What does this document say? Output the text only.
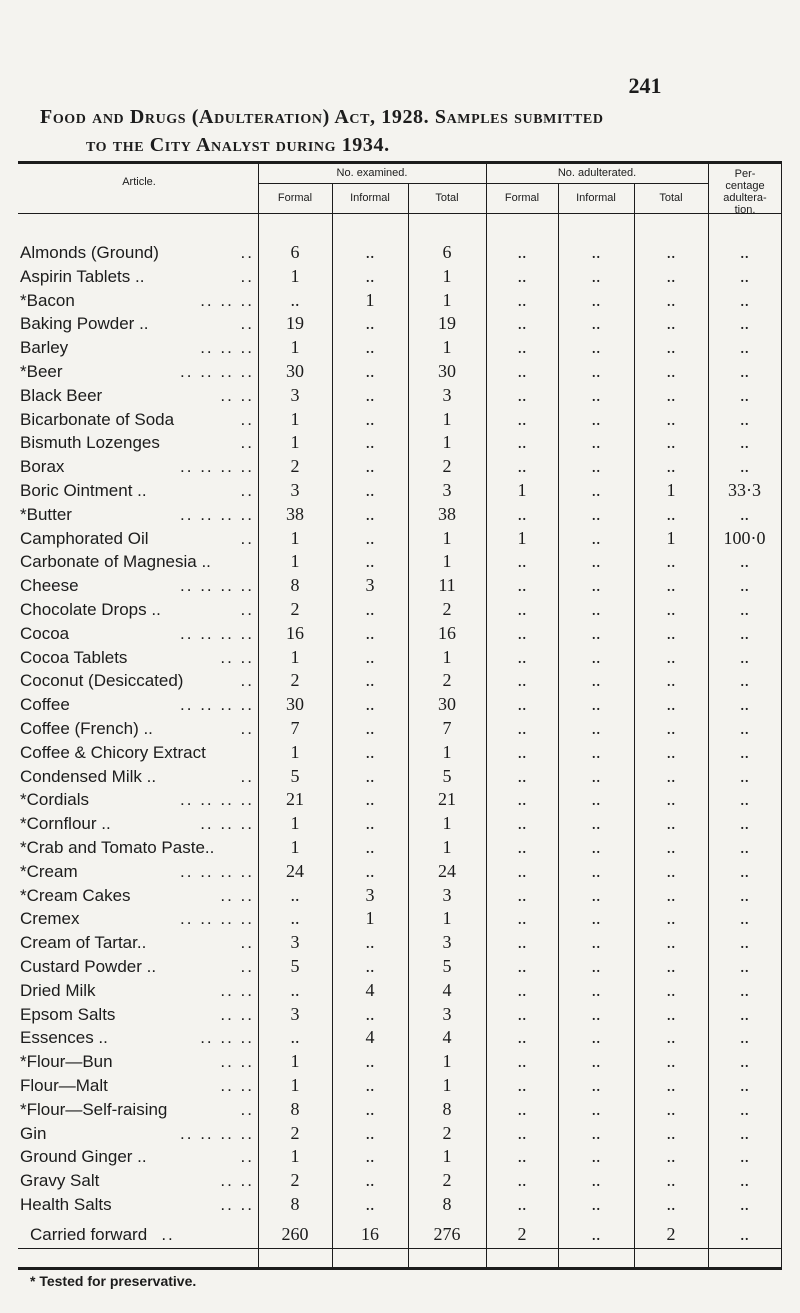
241
Food and Drugs (Adulteration) Act, 1928. Samples submitted
to the City Analyst during 1934.
Article.
No. examined.	No. adulterated.
Formal	Informal	Total	Formal	Informal	Total
Per-centage adultera-tion.
Almonds (Ground)	..	6	..	6	..	..	..	..
Aspirin Tablets ..	..	1	..	1	..	..	..	..
*Bacon	.. .. ..	..	1	1	..	..	..	..
Baking Powder ..	..	19	..	19	..	..	..	..
Barley	.. .. ..	1	..	1	..	..	..	..
*Beer	.. .. .. ..	30	..	30	..	..	..	..
Black Beer	.. ..	3	..	3	..	..	..	..
Bicarbonate of Soda	..	1	..	1	..	..	..	..
Bismuth Lozenges	..	1	..	1	..	..	..	..
Borax	.. .. .. ..	2	..	2	..	..	..	..
Boric Ointment ..	..	3	..	3	1	..	1	33·3
*Butter	.. .. .. ..	38	..	38	..	..	..	..
Camphorated Oil	..	1	..	1	1	..	1	100·0
Carbonate of Magnesia ..	1	..	1	..	..	..	..
Cheese	.. .. .. ..	8	3	11	..	..	..	..
Chocolate Drops ..	..	2	..	2	..	..	..	..
Cocoa	.. .. .. ..	16	..	16	..	..	..	..
Cocoa Tablets	.. ..	1	..	1	..	..	..	..
Coconut (Desiccated)	..	2	..	2	..	..	..	..
Coffee	.. .. .. ..	30	..	30	..	..	..	..
Coffee (French) ..	..	7	..	7	..	..	..	..
Coffee & Chicory Extract	1	..	1	..	..	..	..
Condensed Milk ..	..	5	..	5	..	..	..	..
*Cordials	.. .. .. ..	21	..	21	..	..	..	..
*Cornflour ..	.. .. ..	1	..	1	..	..	..	..
*Crab and Tomato Paste..	1	..	1	..	..	..	..
*Cream	.. .. .. ..	24	..	24	..	..	..	..
*Cream Cakes	.. ..	..	3	3	..	..	..	..
Cremex	.. .. .. ..	..	1	1	..	..	..	..
Cream of Tartar..	..	3	..	3	..	..	..	..
Custard Powder ..	..	5	..	5	..	..	..	..
Dried Milk	.. ..	..	4	4	..	..	..	..
Epsom Salts	.. ..	3	..	3	..	..	..	..
Essences ..	.. .. ..	..	4	4	..	..	..	..
*Flour—Bun	.. ..	1	..	1	..	..	..	..
Flour—Malt	.. ..	1	..	1	..	..	..	..
*Flour—Self-raising	..	8	..	8	..	..	..	..
Gin	.. .. .. ..	2	..	2	..	..	..	..
Ground Ginger ..	..	1	..	1	..	..	..	..
Gravy Salt	.. ..	2	..	2	..	..	..	..
Health Salts	.. ..	8	..	8	..	..	..	..
Carried forward ..	260	16	276	2	..	2	..
* Tested for preservative.
